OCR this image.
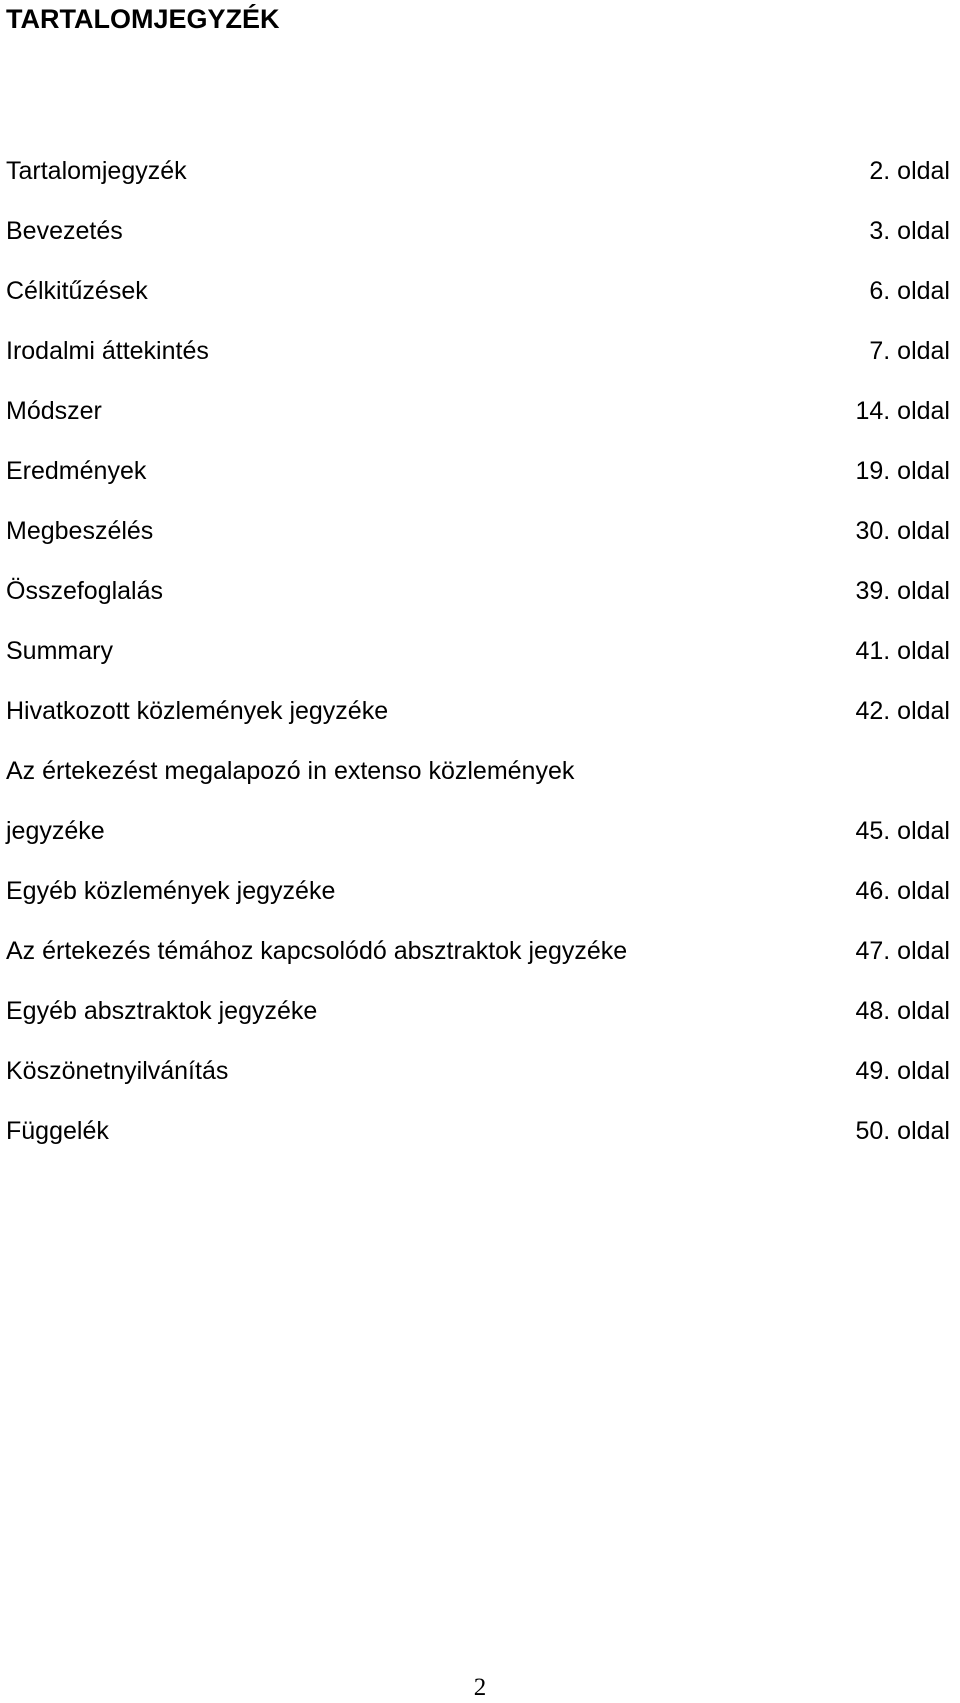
TARTALOMJEGYZÉK
Tartalomjegyzék	2. oldal
Bevezetés	3. oldal
Célkitűzések	6. oldal
Irodalmi áttekintés	7. oldal
Módszer	14. oldal
Eredmények	19. oldal
Megbeszélés	30. oldal
Összefoglalás	39. oldal
Summary	41. oldal
Hivatkozott közlemények jegyzéke	42. oldal
Az értekezést megalapozó in extenso közlemények
jegyzéke	45. oldal
Egyéb közlemények jegyzéke	46. oldal
Az értekezés témához kapcsolódó absztraktok jegyzéke	47. oldal
Egyéb absztraktok jegyzéke	48. oldal
Köszönetnyilvánítás	49. oldal
Függelék	50. oldal
2
